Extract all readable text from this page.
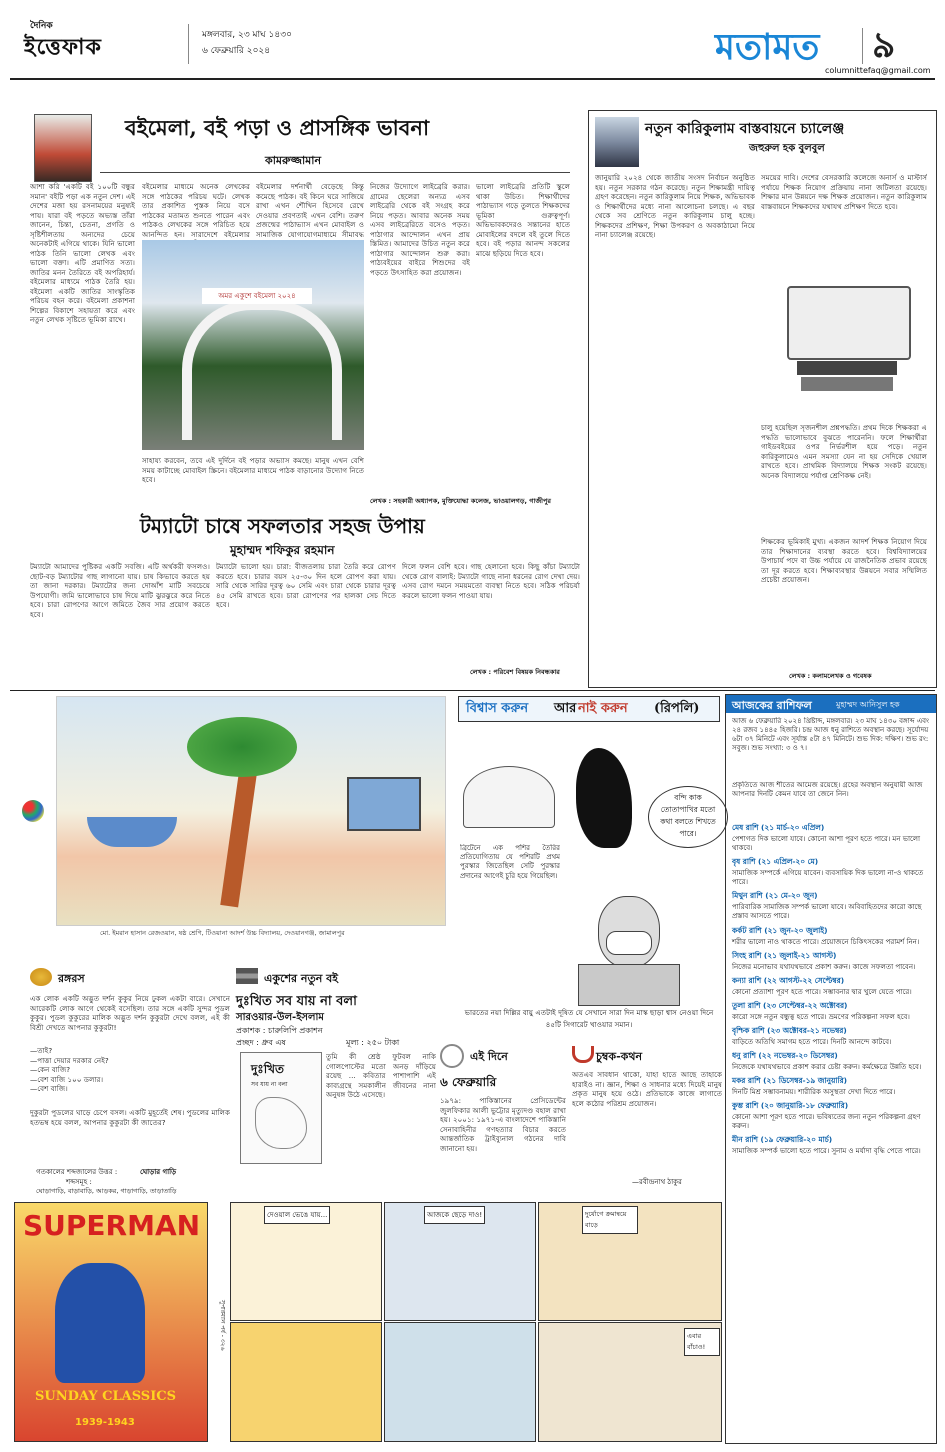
দৈনিক
ইত্তেফাক	মঙ্গলবার, ২৩ মাঘ ১৪৩০
৬ ফেব্রুয়ারি ২০২৪	মতামত ৯
columnittefaq@gmail.com
বইমেলা, বই পড়া ও প্রাসঙ্গিক ভাবনা
কামরুজ্জামান
আশা করি 'একটি বই ১০০টি বন্ধুর সমান' বইটি পড়া এক নতুন দেশ। এই দেশের মজা হয় রসনাময়ের মনুষ্যই পায়। যারা বই পড়তে অভ্যস্ত তাঁরা জানেন, চিন্তা, চেতনা, প্রগতি ও সৃষ্টিশীলতায় অন্যদের চেয়ে অনেকটাই এগিয়ে থাকে। যিনি ভালো পাঠক তিনি ভালো লেখক এবং ভালো বক্তা। এটি প্রমাণিত সত্য। জাতির মনন তৈরিতে বই অপরিহার্য। বইমেলার মাধ্যমে পাঠক তৈরি হয়। বইমেলা একটি জাতির সাংস্কৃতিক পরিচয় বহন করে। বইমেলা প্রকাশনা শিল্পের বিকাশে সহায়তা করে এবং নতুন লেখক সৃষ্টিতে ভূমিকা রাখে।
বইমেলার মাধ্যমে অনেক লেখকের সঙ্গে পাঠকের পরিচয় ঘটে। লেখক তার প্রকাশিত পুস্তক নিয়ে বসে পাঠকের মতামত শুনতে পারেন এবং পাঠকও লেখকের সঙ্গে পরিচিত হয়ে আনন্দিত হন। সারাদেশে বইমেলার
বইমেলার দর্শনার্থী বেড়েছে কিন্তু কমেছে পাঠক। বই কিনে ঘরে সাজিয়ে রাখা এখন শৌখিন হিসেবে রেখে দেওয়ার প্রবণতাই এখন বেশি। তরুণ প্রজন্মের পাঠাভ্যাস এখন মোবাইল ও সামাজিক যোগাযোগমাধ্যমে সীমাবদ্ধ
নিজের উদ্যোগে লাইব্রেরি করার। গ্রামের ছেলেরা অন্যত্র এসব লাইব্রেরি থেকে বই সংগ্রহ করে নিয়ে পড়ত। আবার অনেক সময় এসব লাইব্রেরিতে বসেও পড়ত। পাঠাগার আন্দোলন এখন প্রায় স্তিমিত। আমাদের উচিত নতুন করে পাঠাগার আন্দোলন শুরু করা। পাঠ্যবইয়ের বাইরে শিশুদের বই পড়তে উৎসাহিত করা প্রয়োজন।
ভালো লাইব্রেরি প্রতিটি স্কুলে থাকা উচিত। শিক্ষার্থীদের পাঠাভ্যাস গড়ে তুলতে শিক্ষকদের ভূমিকা গুরুত্বপূর্ণ। অভিভাবকদেরও সন্তানের হাতে মোবাইলের বদলে বই তুলে দিতে হবে। বই পড়ার আনন্দ সকলের মাঝে ছড়িয়ে দিতে হবে।
অমর একুশে বইমেলা ২০২৪
সাহায্য করবেন, তবে এই দুর্দিনে বই পড়ার অভ্যাস কমছে। মানুষ এখন বেশি সময় কাটাচ্ছে মোবাইল স্ক্রিনে। বইমেলার মাধ্যমে পাঠক বাড়ানোর উদ্যোগ নিতে হবে।
লেখক : সহকারী অধ্যাপক, মুক্তিযোদ্ধা কলেজ, ভাওয়ালগড়, গাজীপুর
নতুন কারিকুলাম বাস্তবায়নে চ্যালেঞ্জ
জহুরুল হক বুলবুল
জানুয়ারি ২০২৪ থেকে জাতীয় সংসদ নির্বাচন অনুষ্ঠিত হয়। নতুন সরকার গঠন করেছে। নতুন শিক্ষামন্ত্রী দায়িত্ব গ্রহণ করেছেন। নতুন কারিকুলাম নিয়ে শিক্ষক, অভিভাবক ও শিক্ষার্থীদের মধ্যে নানা আলোচনা চলছে। এ বছর থেকে সব শ্রেণিতে নতুন কারিকুলাম চালু হচ্ছে। শিক্ষকদের প্রশিক্ষণ, শিক্ষা উপকরণ ও অবকাঠামো নিয়ে নানা চ্যালেঞ্জ রয়েছে।
সময়ের দাবি। দেশের বেসরকারি কলেজে অনার্স ও মাস্টার্স পর্যায়ে শিক্ষক নিয়োগ প্রক্রিয়ায় নানা জটিলতা রয়েছে। শিক্ষার মান উন্নয়নে দক্ষ শিক্ষক প্রয়োজন। নতুন কারিকুলাম বাস্তবায়নে শিক্ষকদের যথাযথ প্রশিক্ষণ দিতে হবে।
চালু হয়েছিল সৃজনশীল প্রশ্নপদ্ধতি। প্রথম দিকে শিক্ষকরা এ পদ্ধতি ভালোভাবে বুঝতে পারেননি। ফলে শিক্ষার্থীরা গাইডবইয়ের ওপর নির্ভরশীল হয়ে পড়ে। নতুন কারিকুলামেও এমন সমস্যা যেন না হয় সেদিকে খেয়াল রাখতে হবে। প্রাথমিক বিদ্যালয়ে শিক্ষক সংকট রয়েছে। অনেক বিদ্যালয়ে পর্যাপ্ত শ্রেণিকক্ষ নেই।
শিক্ষকের ভূমিকাই মুখ্য। একজন আদর্শ শিক্ষক নিয়োগ দিয়ে তার শিক্ষাদানের ব্যবস্থা করতে হবে। বিশ্ববিদ্যালয়ের উপাচার্য পদে বা উচ্চ পর্যায়ে যে রাজনৈতিক প্রভাব রয়েছে তা দূর করতে হবে। শিক্ষাব্যবস্থার উন্নয়নে সবার সম্মিলিত প্রচেষ্টা প্রয়োজন।
লেখক : কলামলেখক ও গবেষক
টম্যাটো চাষে সফলতার সহজ উপায়
মুহাম্মদ শফিকুর রহমান
টম্যাটো আমাদের পুষ্টিকর একটি সবজি। এটি অর্থকরী ফসলও। ছোট-বড় টম্যাটোর গাছ লাগানো যায়। চাষ কিভাবে করতে হয় তা জানা দরকার। টম্যাটোর জন্য দোআঁশ মাটি সবচেয়ে উপযোগী। জমি ভালোভাবে চাষ দিয়ে মাটি ঝুরঝুরে করে নিতে হবে। চারা রোপণের আগে জমিতে জৈব সার প্রয়োগ করতে হবে।
টম্যাটো ভালো হয়। চারা: বীজতলায় চারা তৈরি করে রোপণ করতে হবে। চারার বয়স ২৫-৩০ দিন হলে রোপণ করা যায়। সারি থেকে সারির দূরত্ব ৬০ সেমি এবং চারা থেকে চারার দূরত্ব ৪৫ সেমি রাখতে হবে। চারা রোপণের পর হালকা সেচ দিতে হবে।
দিলে ফলন বেশি হবে। গাছ হেলানো হবে। কিছু কাঁচা টম্যাটো থেকে রোগ বালাই: টম্যাটো গাছে নানা ধরনের রোগ দেখা দেয়। এসব রোগ দমনে সময়মতো ব্যবস্থা নিতে হবে। সঠিক পরিচর্যা করলে ভালো ফলন পাওয়া যায়।
লেখক : পরিবেশ বিষয়ক নিবন্ধকার
মো. ইমরান হাসান রেজওয়ান, ষষ্ঠ শ্রেণি, টিওয়ানা আদর্শ উচ্চ বিদ্যালয়, দেওয়ানগঞ্জ, জামালপুর
বিশ্বাস করুন আর নাই করুন (রিপলি)
ব্রিটেনে এক পশির তৈরির প্রতিযোগিতায় যে পশিরটি প্রথম পুরস্কার জিতেছিল সেটি পুরস্কার প্রদানের আগেই চুরি হয়ে গিয়েছিল।
বন্দি কাক তোতাপাখির মতো কথা বলতে শিখতে পারে।
ভারতের নয়া দিল্লির বায়ু এতটাই দূষিত যে সেখানে সারা দিন মাস্ক ছাড়া শ্বাস নেওয়া দিনে ৪৫টি সিগারেট খাওয়ার সমান।
আজকের রাশিফল	মুহাম্মদ আনিসুল হক
আজ ৬ ফেব্রুয়ারি ২০২৪ খ্রিষ্টাব্দ, মঙ্গলবার। ২৩ মাঘ ১৪৩০ বঙ্গাব্দ এবং ২৪ রজব ১৪৪৫ হিজরি। চন্দ্র আজ ধনু রাশিতে অবস্থান করছে। সূর্যোদয় ৬টা ৩৭ মিনিটে এবং সূর্যাস্ত ৫টা ৪৭ মিনিটে। শুভ দিক: দক্ষিণ। শুভ রং: সবুজ। শুভ সংখ্যা: ৩ ও ৭।
প্রকৃতিতে আজ শীতের আমেজ রয়েছে। গ্রহের অবস্থান অনুযায়ী আজ আপনার দিনটি কেমন যাবে তা জেনে নিন।
মেষ রাশি (২১ মার্চ-২০ এপ্রিল)
পেশাগত দিক ভালো যাবে। কোনো আশা পূরণ হতে পারে। মন ভালো থাকবে।
বৃষ রাশি (২১ এপ্রিল-২০ মে)
সামাজিক সম্পর্কে এগিয়ে যাবেন। ব্যবসায়িক দিক ভালো না-ও থাকতে পারে।
মিথুন রাশি (২১ মে-২০ জুন)
পারিবারিক সামাজিক সম্পর্ক ভালো যাবে। অবিবাহিতদের কারো কাছে প্রস্তাব আসতে পারে।
কর্কট রাশি (২১ জুন-২০ জুলাই)
শরীর ভালো নাও থাকতে পারে। প্রয়োজনে চিকিৎসকের পরামর্শ নিন।
সিংহ রাশি (২১ জুলাই-২১ আগস্ট)
নিজের মনোভাব যথাযথভাবে প্রকাশ করুন। কাজে সফলতা পাবেন।
কন্যা রাশি (২২ আগস্ট-২২ সেপ্টেম্বর)
কোনো প্রত্যাশা পূরণ হতে পারে। সম্ভাবনার দ্বার খুলে যেতে পারে।
তুলা রাশি (২৩ সেপ্টেম্বর-২২ অক্টোবর)
কারো সঙ্গে নতুন বন্ধুত্ব হতে পারে। ভ্রমণের পরিকল্পনা সফল হবে।
বৃশ্চিক রাশি (২৩ অক্টোবর-২১ নভেম্বর)
বাড়িতে অতিথি সমাগম হতে পারে। দিনটি আনন্দে কাটবে।
ধনু রাশি (২২ নভেম্বর-২০ ডিসেম্বর)
নিজেকে যথাযথভাবে প্রকাশ করার চেষ্টা করুন। কর্মক্ষেত্রে উন্নতি হবে।
মকর রাশি (২১ ডিসেম্বর-১৯ জানুয়ারি)
দিনটি মিশ্র সম্ভাবনাময়। শারীরিক অসুস্থতা দেখা দিতে পারে।
কুম্ভ রাশি (২০ জানুয়ারি-১৮ ফেব্রুয়ারি)
কোনো আশা পূরণ হতে পারে। ভবিষ্যতের জন্য নতুন পরিকল্পনা গ্রহণ করুন।
মীন রাশি (১৯ ফেব্রুয়ারি-২০ মার্চ)
সামাজিক সম্পর্ক ভালো হতে পারে। সুনাম ও মর্যাদা বৃদ্ধি পেতে পারে।
রঙ্গরস
এক লোক একটি অদ্ভুত দর্শন কুকুর নিয়ে ঢুকল একটা বারে। সেখানে আরেকটি লোক আগে থেকেই বসেছিল। তার সঙ্গে একটি সুন্দর পুডল কুকুর। পুডল কুকুরের মালিক অদ্ভুত দর্শন কুকুরটা দেখে বলল, এই কী বিশ্রী দেখতে আপনার কুকুরটা!
—তাই?
—পাত্তা দেয়ার দরকার নেই?
—কেন বাজি?
—বেশ বাজি ১০০ ডলার।
—বেশ বাজি।
দুকুরটা পুডলের ঘাড়ে চেপে বসল। একটি মুহূর্তেই শেষ। পুডলের মালিক হতভম্ব হয়ে বলল, আপনার কুকুরটা কী জাতের?
গতকালের শব্দজালের উত্তর :	ঘোড়ার গাড়ি
শব্দসমূহ :
ঘোড়াগাড়ি, বাড়াবাড়ি, আড়কর, গাড়াগাড়ি, তাড়াতাড়ি
একুশের নতুন বই
দুঃখিত সব যায় না বলা
সারওয়ার-উল-ইসলাম
প্রকাশক : চারুলিপি প্রকাশন
প্রচ্ছদ : ধ্রুব এষ	মূল্য : ২৫০ টাকা
দুঃখিত
সব যায় না বলা
তুমি কী শ্রেষ্ঠ ফুটবল নাকি গোলপোস্টের মতো অনড় দাঁড়িয়ে রয়েছ ... কবিতার পাশাপাশি এই কাব্যগ্রন্থে সমকালীন জীবনের নানা অনুষঙ্গ উঠে এসেছে।
এই দিনে
৬ ফেব্রুয়ারি
১৯৭৯: পাকিস্তানের প্রেসিডেন্টের জুলফিকার আলী ভুট্টোর মৃত্যুদণ্ড বহাল রাখা হয়। ২০০১: ১৯৭১-এ বাংলাদেশে পাকিস্তানি সেনাবাহিনীর গণহত্যার বিচার করতে আন্তর্জাতিক ট্রাইব্যুনাল গঠনের দাবি জানানো হয়।
চুম্বক-কথন
অতএব সাবধান থাকো, যাহা হাতে আছে তাহাকে হারাইও না। জ্ঞান, শিক্ষা ও সাধনার মধ্যে দিয়েই মানুষ প্রকৃত মানুষ হয়ে ওঠে। প্রতিভাকে কাজে লাগাতে হলে কঠোর পরিশ্রম প্রয়োজন।
—রবীন্দ্রনাথ ঠাকুর
SUPERMAN
SUNDAY CLASSICS
1939-1943
সুপারম্যান পর্ব - ৩২৬
দেওয়াল ভেঙে যায়...	আজকে ছেড়ে দাও!	দুর্যোগে ক্রমান্বয়ে বাড়ে
এবার বাঁচাও!
